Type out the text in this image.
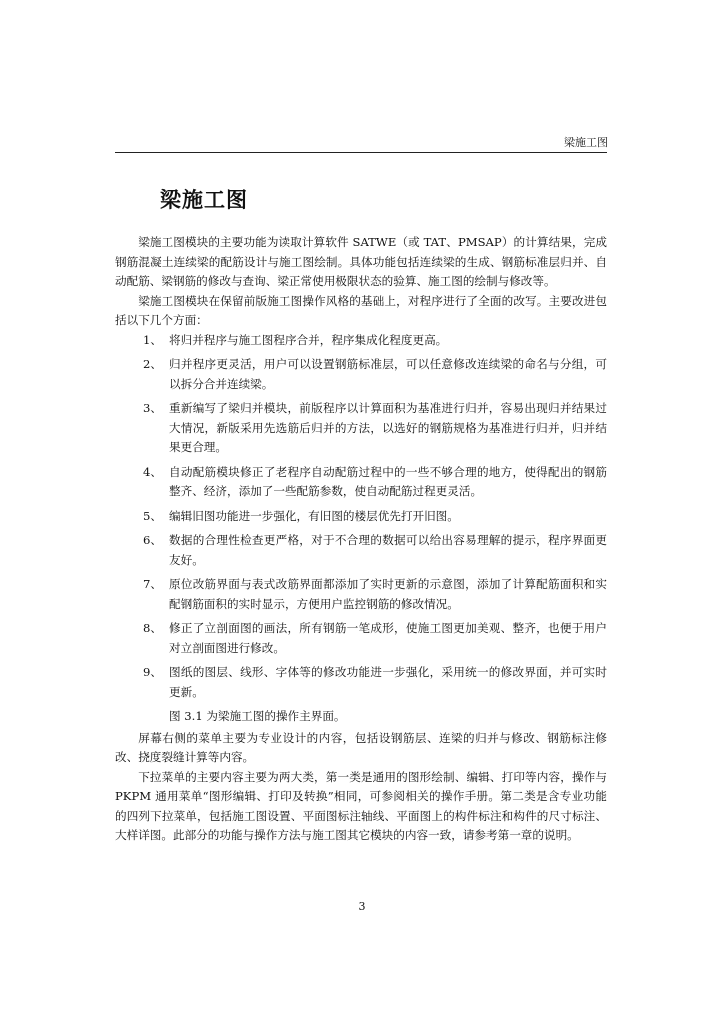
梁施工图
梁施工图

梁施工图模块的主要功能为读取计算软件 SATWE（或 TAT、PMSAP）的计算结果，完成钢筋混凝土连续梁的配筋设计与施工图绘制。具体功能包括连续梁的生成、钢筋标准层归并、自动配筋、梁钢筋的修改与查询、梁正常使用极限状态的验算、施工图的绘制与修改等。

梁施工图模块在保留前版施工图操作风格的基础上，对程序进行了全面的改写。主要改进包括以下几个方面：

1、 将归并程序与施工图程序合并，程序集成化程度更高。
2、 归并程序更灵活，用户可以设置钢筋标准层，可以任意修改连续梁的命名与分组，可以拆分合并连续梁。
3、 重新编写了梁归并模块，前版程序以计算面积为基准进行归并，容易出现归并结果过大情况，新版采用先选筋后归并的方法，以选好的钢筋规格为基准进行归并，归并结果更合理。
4、 自动配筋模块修正了老程序自动配筋过程中的一些不够合理的地方，使得配出的钢筋整齐、经济，添加了一些配筋参数，使自动配筋过程更灵活。
5、 编辑旧图功能进一步强化，有旧图的楼层优先打开旧图。
6、 数据的合理性检查更严格，对于不合理的数据可以给出容易理解的提示，程序界面更友好。
7、 原位改筋界面与表式改筋界面都添加了实时更新的示意图，添加了计算配筋面积和实配钢筋面积的实时显示，方便用户监控钢筋的修改情况。
8、 修正了立剖面图的画法，所有钢筋一笔成形，使施工图更加美观、整齐，也便于用户对立剖面图进行修改。
9、 图纸的图层、线形、字体等的修改功能进一步强化，采用统一的修改界面，并可实时更新。

图 3.1 为梁施工图的操作主界面。

屏幕右侧的菜单主要为专业设计的内容，包括设钢筋层、连梁的归并与修改、钢筋标注修改、挠度裂缝计算等内容。

下拉菜单的主要内容主要为两大类，第一类是通用的图形绘制、编辑、打印等内容，操作与 PKPM 通用菜单“图形编辑、打印及转换”相同，可参阅相关的操作手册。第二类是含专业功能的四列下拉菜单，包括施工图设置、平面图标注轴线、平面图上的构件标注和构件的尺寸标注、大样详图。此部分的功能与操作方法与施工图其它模块的内容一致，请参考第一章的说明。

3
